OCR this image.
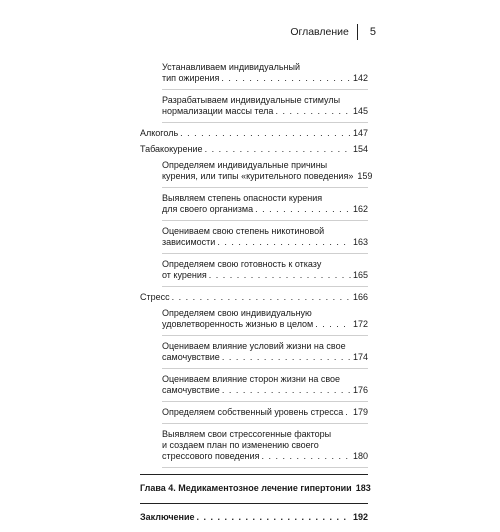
Оглавление 5
Устанавливаем индивидуальный
тип ожирения . . .	142
Разрабатываем индивидуальные стимулы
нормализации массы тела . . .	145
Алкоголь . . .	147
Табакокурение . . .	154
Определяем индивидуальные причины
курения, или типы «курительного поведения» 159
Выявляем степень опасности курения
для своего организма . . .	162
Оцениваем свою степень никотиновой
зависимости . . .	163
Определяем свою готовность к отказу
от курения . . .	165
Стресс . . .	166
Определяем свою индивидуальную
удовлетворенность жизнью в целом . . .	172
Оцениваем влияние условий жизни на свое
самочувствие . . .	174
Оцениваем влияние сторон жизни на свое
самочувствие . . .	176
Определяем собственный уровень стресса . . . 179
Выявляем свои стрессогенные факторы
и создаем план по изменению своего
стрессового поведения . . .	180
Глава 4. Медикаментозное лечение гипертонии 183
Заключение . . .	192
